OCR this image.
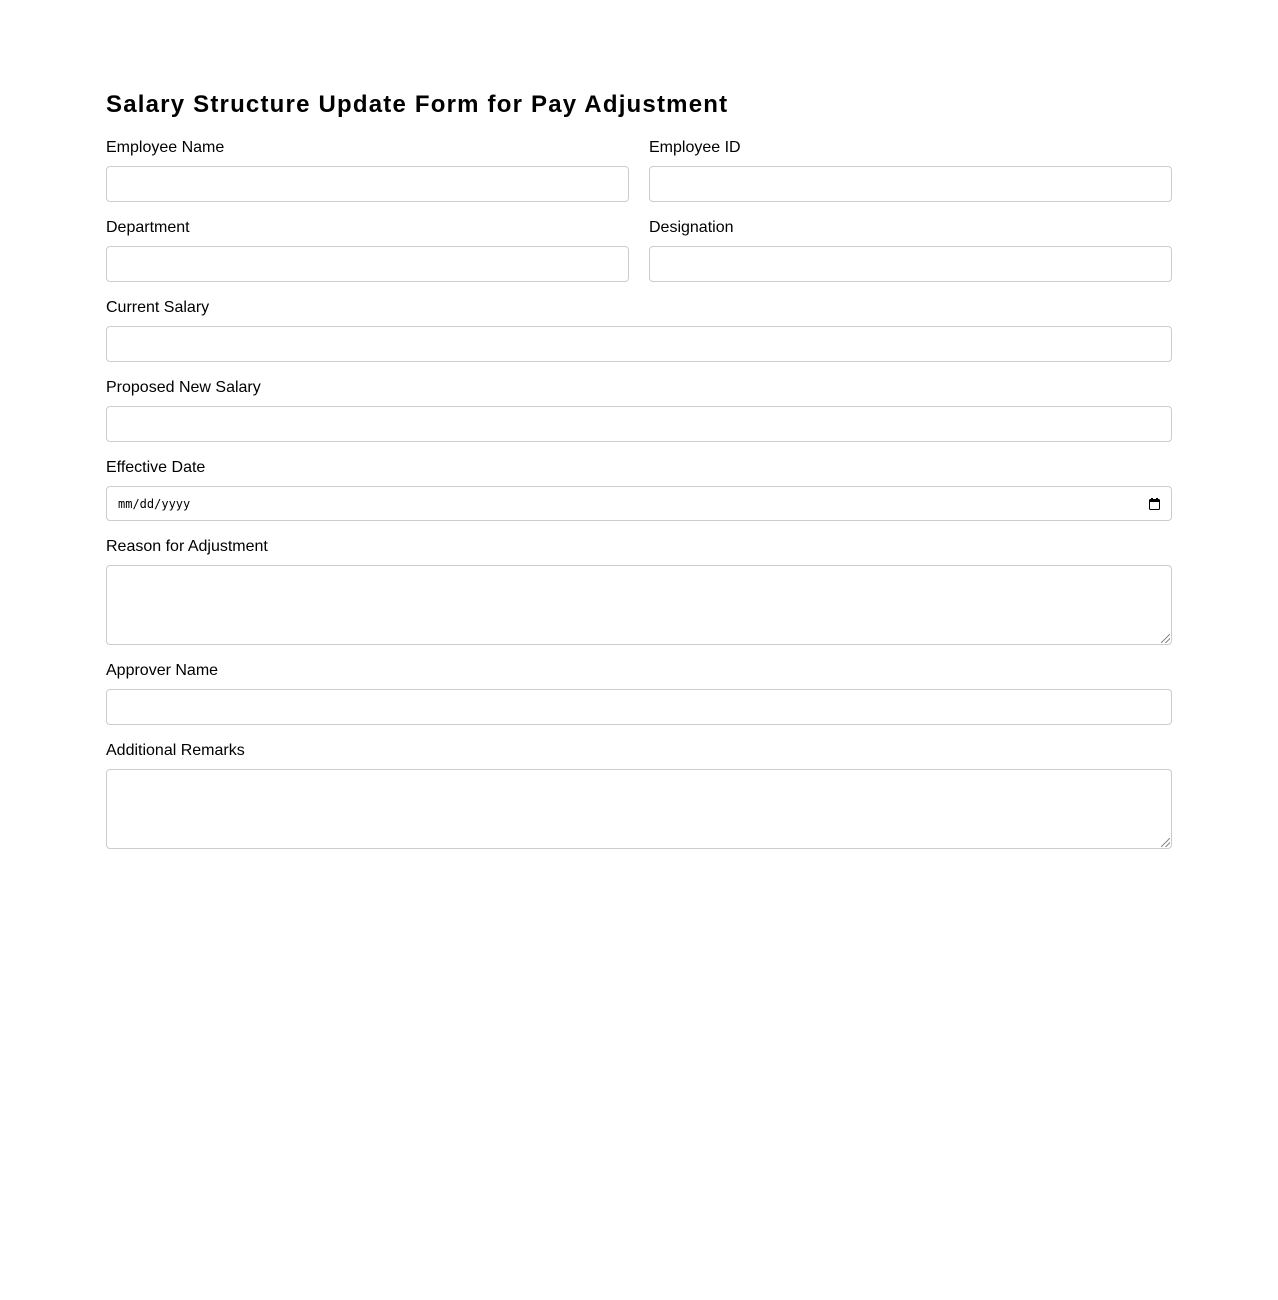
Salary Structure Update Form for Pay Adjustment
Employee Name	Employee ID
Department	Designation
Current Salary
Proposed New Salary
Effective Date
mm/dd/yyyy
Reason for Adjustment
Approver Name
Additional Remarks
